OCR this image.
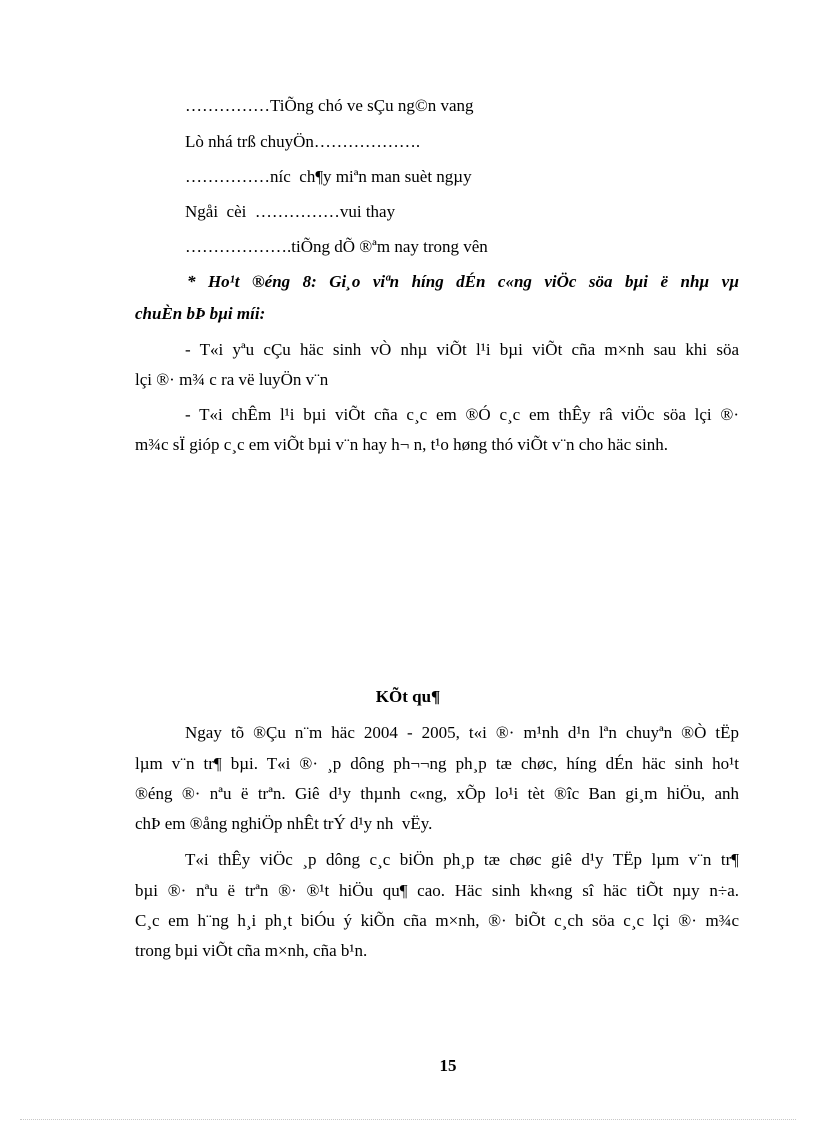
……………TiÕng chó ve sÇu ng©n vang
Lò nhá trß chuyÖn……………….
……………níc  ch¶y miªn man suèt ngµy
Ngåi  cèi  ……………vui thay
……………….tiÕng dÕ ®ªm nay trong vên
* Ho¹t ®éng 8: Gi¸o viªn híng dÉn c«ng viÖc söa bµi ë nhµ vµ
chuÈn bÞ bµi míi:
- T«i yªu cÇu häc sinh vÒ nhµ viÕt l¹i bµi viÕt cña m×nh sau khi söa
lçi ®· m¾ c ra vë luyÖn v¨n
- T«i chÊm l¹i bµi viÕt cña c¸c em ®Ó c¸c em thÊy râ viÖc söa lçi ®·
m¾c sÏ gióp c¸c em viÕt bµi v¨n hay h¬ n, t¹o høng thó viÕt v¨n cho häc sinh.
KÕt qu¶
Ngay tõ ®Çu n¨m häc 2004 - 2005, t«i ®· m¹nh d¹n lªn chuyªn ®Ò tËp
lµm v¨n tr¶ bµi. T«i ®· ¸p dông ph¬¬ng ph¸p tæ chøc, híng dÉn häc sinh ho¹t
®éng ®· nªu ë trªn. Giê d¹y thµnh c«ng, xÕp lo¹i tèt ®îc Ban gi¸m hiÖu, anh
chÞ em ®ång nghiÖp nhÊt trÝ d¹y nh  vËy.
T«i thÊy viÖc ¸p dông c¸c biÖn ph¸p tæ chøc giê d¹y TËp lµm v¨n tr¶
bµi ®· nªu ë trªn ®· ®¹t hiÖu qu¶ cao. Häc sinh kh«ng sî häc tiÕt nµy n÷a.
C¸c em h¨ng h¸i ph¸t biÓu ý kiÕn cña m×nh, ®· biÕt c¸ch söa c¸c lçi ®· m¾c
trong bµi viÕt cña m×nh, cña b¹n.
15
